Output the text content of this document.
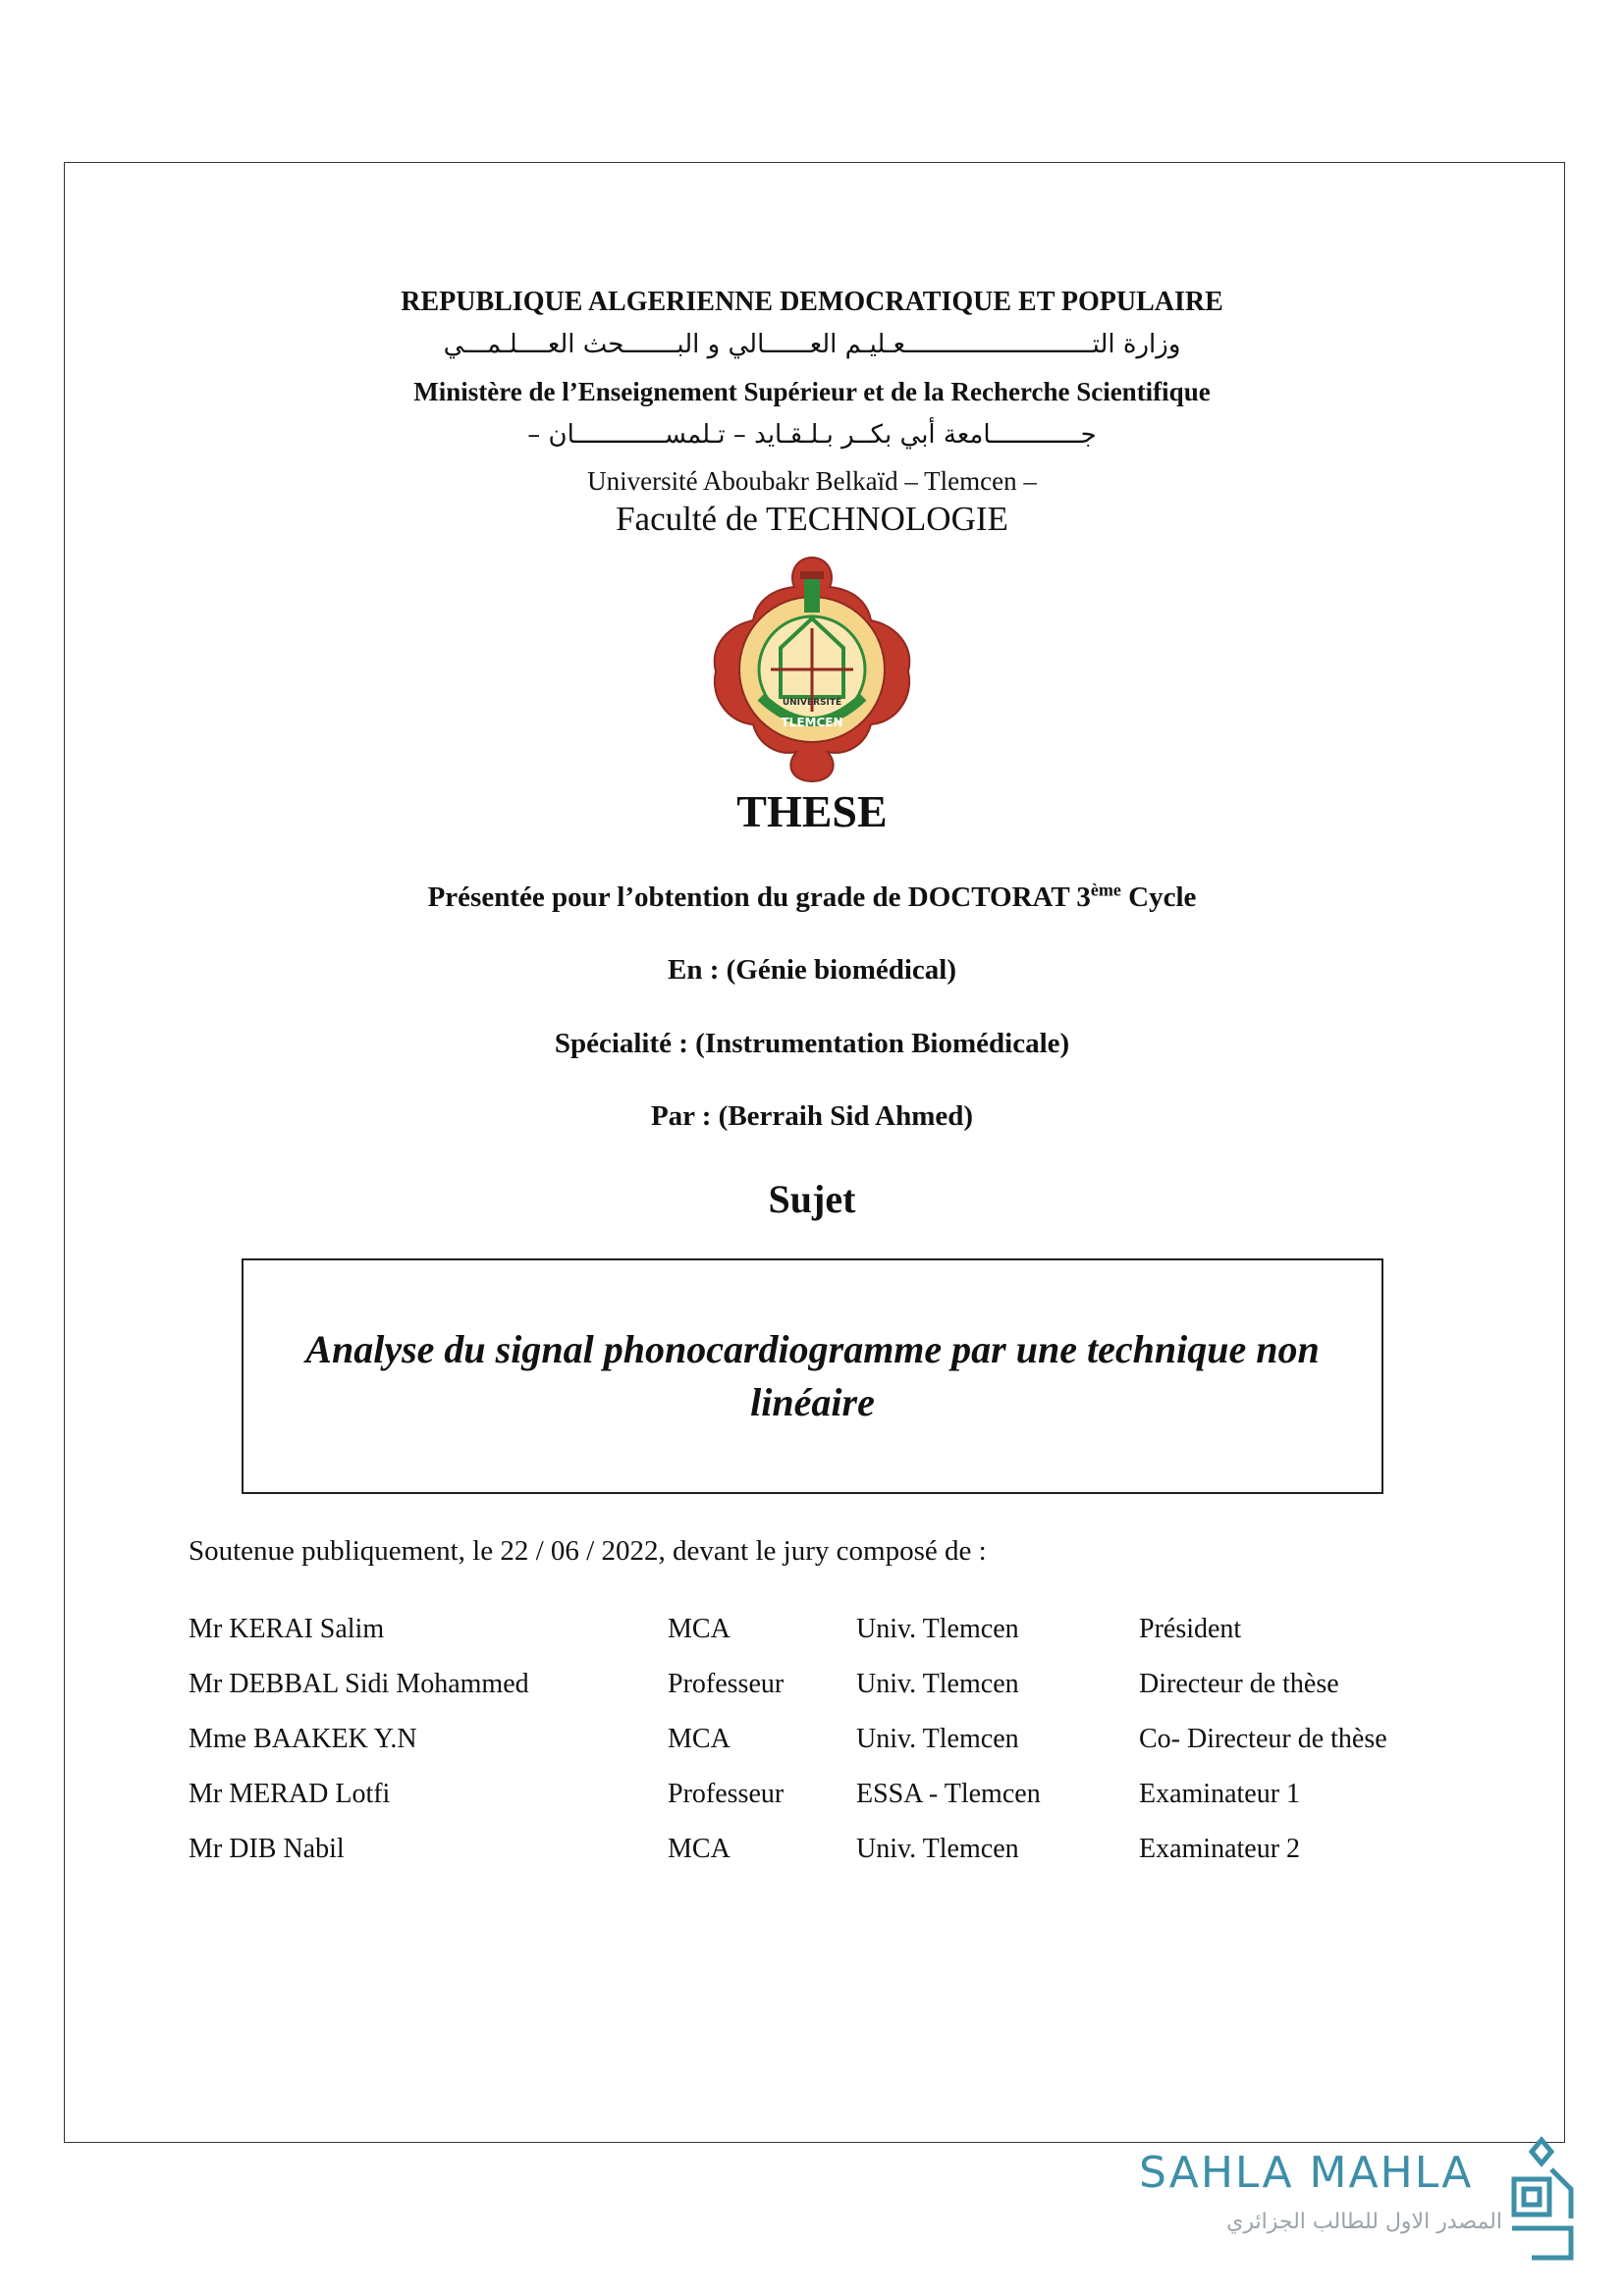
REPUBLIQUE ALGERIENNE DEMOCRATIQUE ET POPULAIRE
وزارة التـــــــــــــــــــــــــعـليـم العــــــالي و البـــــــحث العــــلـمـــي
Ministère de l’Enseignement Supérieur et de la Recherche Scientifique
جــــــــــــامعة أبي بكــر بـلـقـايد – تـلمســــــــــــان –
Université Aboubakr Belkaïd – Tlemcen –
Faculté de TECHNOLOGIE
UNIVERSITÉ
TLEMCEN
THESE
Présentée pour l’obtention du grade de DOCTORAT 3ème Cycle
En : (Génie biomédical)
Spécialité : (Instrumentation Biomédicale)
Par : (Berraih Sid Ahmed)
Sujet
Analyse du signal phonocardiogramme par une technique non linéaire
Soutenue publiquement, le 22 / 06 / 2022, devant le jury composé de :
Mr KERAI Salim	MCA	Univ. Tlemcen	Président
Mr DEBBAL Sidi Mohammed	Professeur	Univ. Tlemcen	Directeur de thèse
Mme BAAKEK Y.N	MCA	Univ. Tlemcen	Co- Directeur de thèse
Mr MERAD Lotfi	Professeur	ESSA - Tlemcen	Examinateur 1
Mr DIB Nabil	MCA	Univ. Tlemcen	Examinateur 2
SAHLA MAHLA
المصدر الاول للطالب الجزائري
